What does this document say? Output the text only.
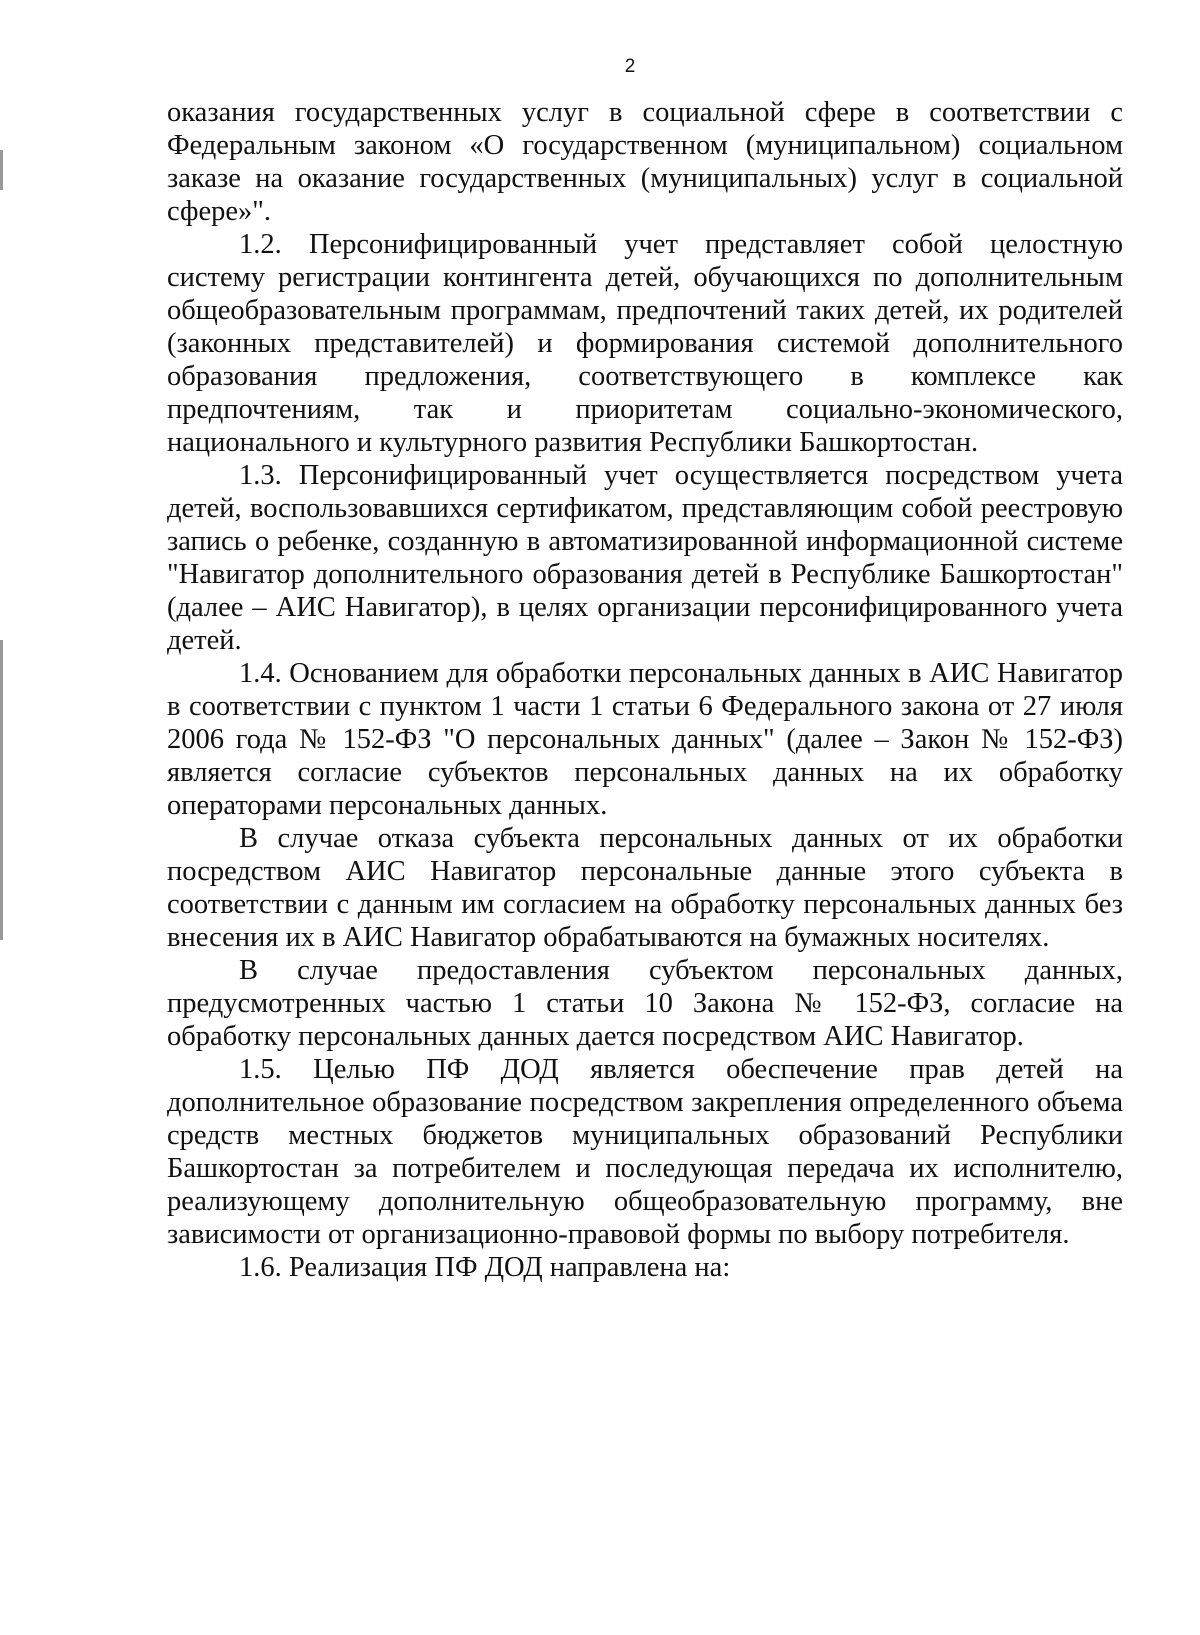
2

оказания государственных услуг в социальной сфере в соответствии с Федеральным законом «О государственном (муниципальном) социальном заказе на оказание государственных (муниципальных) услуг в социальной сфере»".

1.2. Персонифицированный учет представляет собой целостную систему регистрации контингента детей, обучающихся по дополнительным общеобразовательным программам, предпочтений таких детей, их родителей (законных представителей) и формирования системой дополнительного образования предложения, соответствующего в комплексе как предпочтениям, так и приоритетам социально-экономического, национального и культурного развития Республики Башкортостан.

1.3. Персонифицированный учет осуществляется посредством учета детей, воспользовавшихся сертификатом, представляющим собой реестровую запись о ребенке, созданную в автоматизированной информационной системе "Навигатор дополнительного образования детей в Республике Башкортостан" (далее – АИС Навигатор), в целях организации персонифицированного учета детей.

1.4. Основанием для обработки персональных данных в АИС Навигатор в соответствии с пунктом 1 части 1 статьи 6 Федерального закона от 27 июля 2006 года № 152-ФЗ "О персональных данных" (далее – Закон № 152-ФЗ) является согласие субъектов персональных данных на их обработку операторами персональных данных.

В случае отказа субъекта персональных данных от их обработки посредством АИС Навигатор персональные данные этого субъекта в соответствии с данным им согласием на обработку персональных данных без внесения их в АИС Навигатор обрабатываются на бумажных носителях.

В случае предоставления субъектом персональных данных, предусмотренных частью 1 статьи 10 Закона № 152-ФЗ, согласие на обработку персональных данных дается посредством АИС Навигатор.

1.5. Целью ПФ ДОД является обеспечение прав детей на дополнительное образование посредством закрепления определенного объема средств местных бюджетов муниципальных образований Республики Башкортостан за потребителем и последующая передача их исполнителю, реализующему дополнительную общеобразовательную программу, вне зависимости от организационно-правовой формы по выбору потребителя.

1.6. Реализация ПФ ДОД направлена на:
